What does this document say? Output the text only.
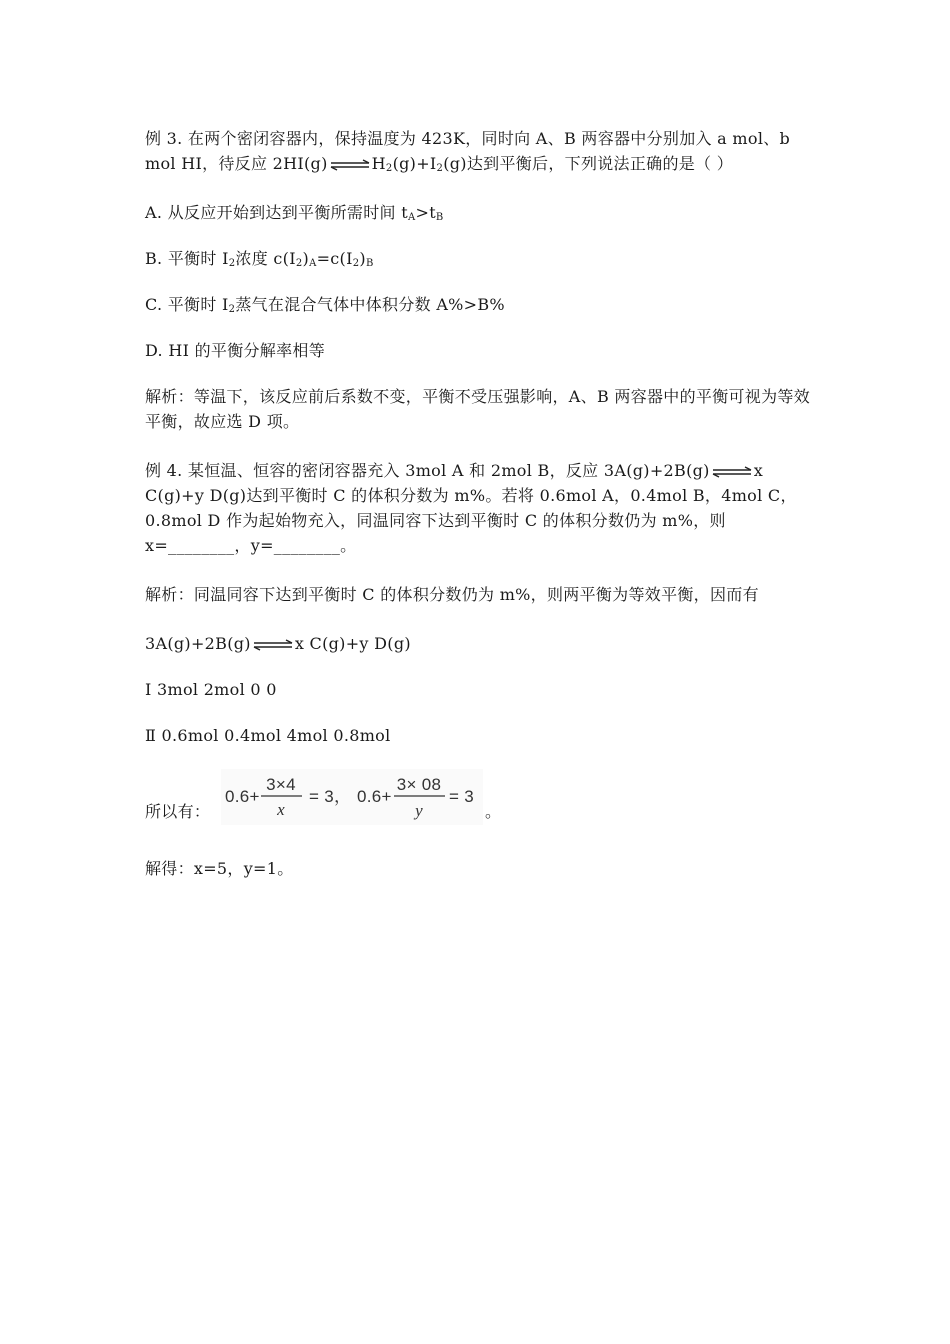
例 3. 在两个密闭容器内，保持温度为 423K，同时向 A、B 两容器中分别加入 a mol、b mol HI，待反应 $2HI(g)\rightleftharpoons H_2(g)+I_2(g)$达到平衡后，下列说法正确的是（ ）

A. 从反应开始到达到平衡所需时间 $t_A>t_B$

B. 平衡时 $I_2$浓度 $c(I_2)_A=c(I_2)_B$

C. 平衡时 $I_2$蒸气在混合气体中体积分数 A%>B%

D. HI 的平衡分解率相等

解析：等温下，该反应前后系数不变，平衡不受压强影响，A、B 两容器中的平衡可视为等效平衡，故应选 D 项。

例 4. 某恒温、恒容的密闭容器充入 3mol A 和 2mol B，反应 3A(g)+2B(g)⇌x C(g)+y D(g)达到平衡时 C 的体积分数为 m%。若将 0.6mol A，0.4mol B，4mol C，0.8mol D 作为起始物充入，同温同容下达到平衡时 C 的体积分数仍为 m%，则 x=________，y=________。

解析：同温同容下达到平衡时 C 的体积分数仍为 m%，则两平衡为等效平衡，因而有

3A(g)+2B(g)⇌x C(g)+y D(g)

Ⅰ 3mol 2mol 0 0

Ⅱ 0.6mol 0.4mol 4mol 0.8mol

所以有：
0.6+
3×4
x
= 3， 0.6+
3× 08
y
= 3
。

解得：x=5，y=1。
